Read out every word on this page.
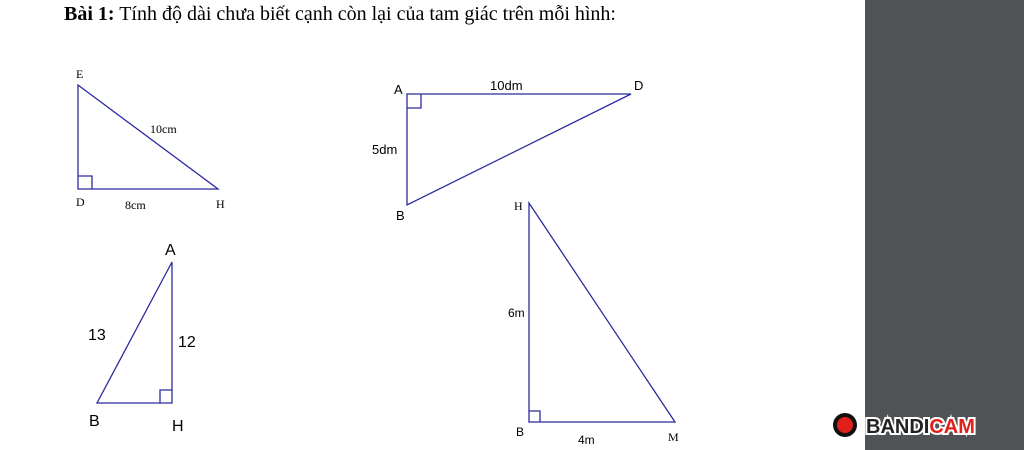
Bài 1: Tính độ dài chưa biết cạnh còn lại của tam giác trên mỗi hình:
E
D	H
10cm
8cm
A
B
D
10dm
5dm
A
B	H
13	12
H
B	M
6m
4m
BANDICAM
